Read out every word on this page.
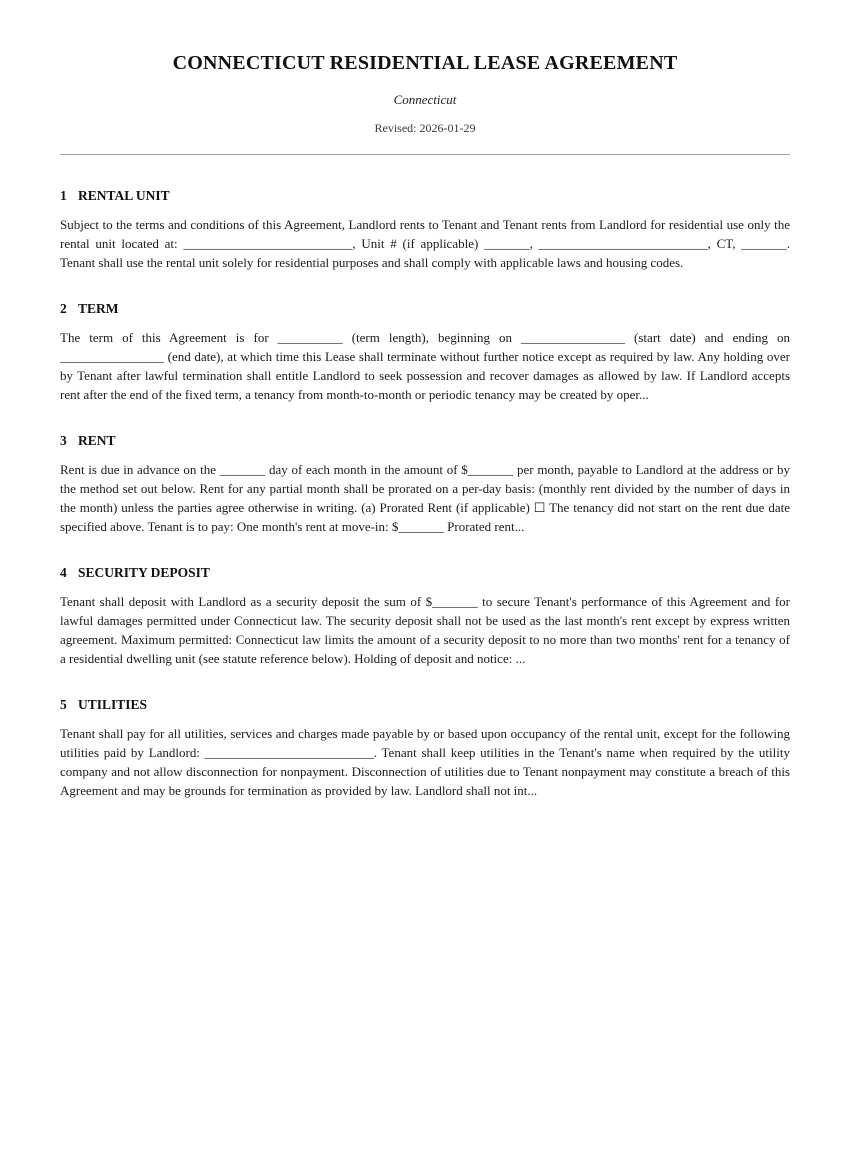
CONNECTICUT RESIDENTIAL LEASE AGREEMENT
Connecticut
Revised: 2026-01-29
1 RENTAL UNIT

Subject to the terms and conditions of this Agreement, Landlord rents to Tenant and Tenant rents from Landlord for residential use only the rental unit located at: __________________________, Unit # (if applicable) _______, __________________________, CT, _______. Tenant shall use the rental unit solely for residential purposes and shall comply with applicable laws and housing codes.

2 TERM

The term of this Agreement is for __________ (term length), beginning on ________________ (start date) and ending on ________________ (end date), at which time this Lease shall terminate without further notice except as required by law. Any holding over by Tenant after lawful termination shall entitle Landlord to seek possession and recover damages as allowed by law. If Landlord accepts rent after the end of the fixed term, a tenancy from month-to-month or periodic tenancy may be created by oper...

3 RENT

Rent is due in advance on the _______ day of each month in the amount of $_______ per month, payable to Landlord at the address or by the method set out below. Rent for any partial month shall be prorated on a per-day basis: (monthly rent divided by the number of days in the month) unless the parties agree otherwise in writing. (a) Prorated Rent (if applicable) ☐ The tenancy did not start on the rent due date specified above. Tenant is to pay: One month's rent at move-in: $_______ Prorated rent...

4 SECURITY DEPOSIT

Tenant shall deposit with Landlord as a security deposit the sum of $_______ to secure Tenant's performance of this Agreement and for lawful damages permitted under Connecticut law. The security deposit shall not be used as the last month's rent except by express written agreement. Maximum permitted: Connecticut law limits the amount of a security deposit to no more than two months' rent for a tenancy of a residential dwelling unit (see statute reference below). Holding of deposit and notice: ...

5 UTILITIES

Tenant shall pay for all utilities, services and charges made payable by or based upon occupancy of the rental unit, except for the following utilities paid by Landlord: __________________________. Tenant shall keep utilities in the Tenant's name when required by the utility company and not allow disconnection for nonpayment. Disconnection of utilities due to Tenant nonpayment may constitute a breach of this Agreement and may be grounds for termination as provided by law. Landlord shall not int...
